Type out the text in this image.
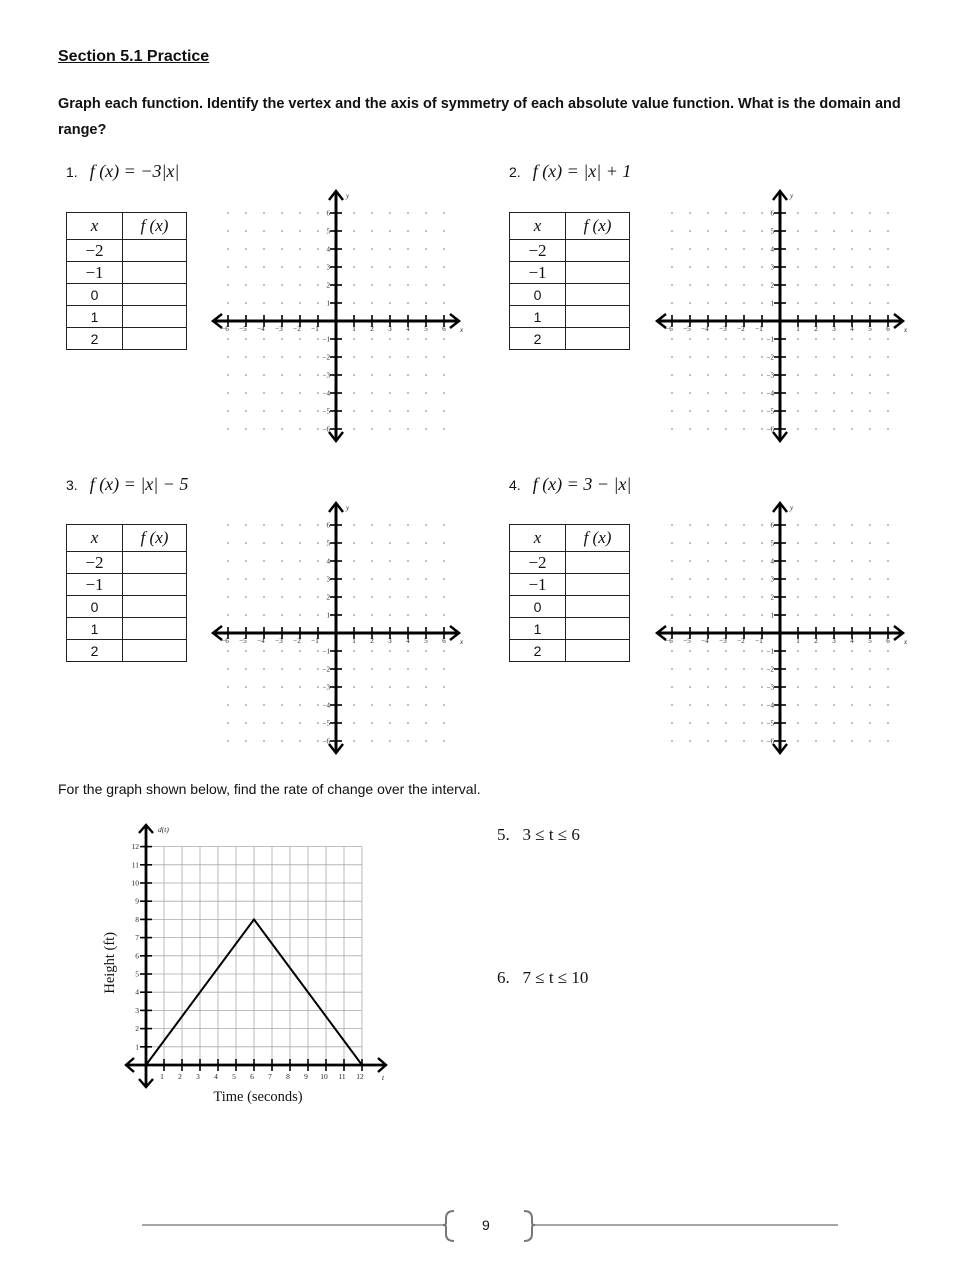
Section 5.1 Practice
Graph each function. Identify the vertex and the axis of symmetry of each absolute value function. What is the domain and range?
1. f (x) = −3|x|	2. f (x) = |x| + 1
3. f (x) = |x| − 5	4. f (x) = 3 − |x|
x	f (x)
−2	
−1	
0	
1	
2	
x	f (x)
−2	
−1	
0	
1	
2	
x	f (x)
−2	
−1	
0	
1	
2	
x	f (x)
−2	
−1	
0	
1	
2	
−6 −5 −4 −3 −2 −1	1 2 3 4 5 6
6
5
4
3
2
1
−1
−2
−3
−4
−5
−6
x
y
−6 −5 −4 −3 −2 −1	1 2 3 4 5 6
6
5
4
3
2
1
−1
−2
−3
−4
−5
−6
x
y
−6 −5 −4 −3 −2 −1	1 2 3 4 5 6
6
5
4
3
2
1
−1
−2
−3
−4
−5
−6
x
y
−6 −5 −4 −3 −2 −1	1 2 3 4 5 6
6
5
4
3
2
1
−1
−2
−3
−4
−5
−6
x
y
For the graph shown below, find the rate of change over the interval.
1 2 3 4 5 6 7 8 9 10 11 12
1
2
3
4
5
6
7
8
9
10
11
12
d(t)
t
Time (seconds)
Height (ft)
5. 3 ≤ t ≤ 6
6. 7 ≤ t ≤ 10
9
